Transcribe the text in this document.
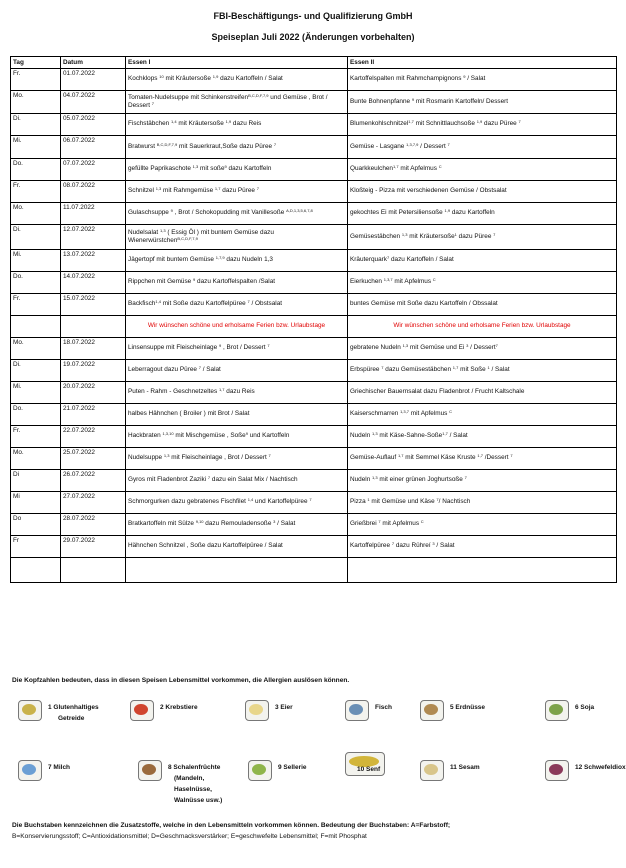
FBI-Beschäftigungs- und Qualifizierung GmbH
Speiseplan Juli 2022 (Änderungen vorbehalten)
Tag	Datum	Essen I	Essen II
Fr.	01.07.2022	Kochklops $^{10}$ mit Kräutersoße $^{1,9}$ dazu Kartoffeln / Salat	Kartoffelspalten mit Rahmchampignons $^9$ / Salat
Mo.	04.07.2022	Tomaten-Nudelsuppe mit Schinkenstreifen$^{B,C,D,F,7,9}$ und Gemüse , Brot / Dessert $^7$	Bunte Bohnenpfanne $^9$ mit Rosmarin Kartoffeln/ Dessert
Di.	05.07.2022	Fischstäbchen $^{1,4}$ mit Kräutersoße $^{1,9}$ dazu Reis	Blumenkohlschnitzel$^{1,7}$ mit Schnittlauchsoße $^{1,9}$ dazu Püree $^7$
Mi.	06.07.2022	Bratwurst $^{B,C,D,F,7,9}$ mit Sauerkraut,Soße dazu Püree $^7$	Gemüse - Lasgane $^{1,3,7,9}$ / Dessert $^7$
Do.	07.07.2022	gefüllte Paprikaschote $^{1,3}$ mit soße$^9$ dazu Kartoffeln	Quarkkeulchen$^{1,7}$ mit Apfelmus $^C$
Fr.	08.07.2022	Schnitzel $^{1,3}$ mit Rahmgemüse $^{1,7}$ dazu Püree $^7$	Kloßteig - Pizza mit verschiedenen Gemüse / Obstsalat
Mo.	11.07.2022	Gulaschsuppe $^9$ , Brot / Schokopudding mit Vanillesoße $^{A,D,1,3,5,6,7,8}$	gekochtes Ei mit Petersiliensoße $^{1,9}$ dazu Kartoffeln
Di.	12.07.2022	Nudelsalat $^{1,3}$ ( Essig Öl ) mit buntem Gemüse dazu Wienerwürstchen$^{B,C,D,F,7,9}$	Gemüsestäbchen $^{1,3}$ mit Kräutersoße$^1$ dazu Püree $^7$
Mi.	13.07.2022	Jägertopf mit buntem Gemüse $^{1,7,9}$ dazu Nudeln 1,3	Kräuterquark$^7$ dazu Kartoffeln / Salat
Do.	14.07.2022	Rippchen mit Gemüse $^9$ dazu Kartoffelspalten /Salat	Eierkuchen $^{1,3,7}$ mit Apfelmus $^C$
Fr.	15.07.2022	Backfisch$^{1,4}$ mit Soße dazu Kartoffelpüree $^7$ / Obstsalat	buntes Gemüse mit Soße dazu Kartoffeln / Obssalat
		Wir wünschen schöne und erholsame Ferien bzw. Urlaubstage	Wir wünschen schöne und erholsame Ferien bzw. Urlaubstage
Mo.	18.07.2022	Linsensuppe mit Fleischeinlage $^9$ , Brot / Dessert $^7$	gebratene Nudeln $^{1,3}$ mit Gemüse und Ei $^3$ / Dessert$^7$
Di.	19.07.2022	Leberragout dazu Püree $^7$ / Salat	Erbspüree $^7$ dazu Gemüsestäbchen $^{1,7}$ mit Soße $^1$ / Salat
Mi.	20.07.2022	Puten - Rahm - Geschnetzeltes $^{1,7}$ dazu Reis	Griechischer Bauernsalat dazu Fladenbrot / Frucht Kaltschale
Do.	21.07.2022	halbes Hähnchen ( Broiler ) mit Brot / Salat	Kaiserschmarren $^{1,3,7}$ mit Apfelmus $^C$
Fr.	22.07.2022	Hackbraten $^{1,3,10}$ mit Mischgemüse , Soße$^9$ und Kartoffeln	Nudeln $^{1,3}$ mit Käse-Sahne-Soße$^{1,7}$ / Salat
Mo.	25.07.2022	Nudelsuppe $^{1,3}$ mit Fleischeinlage , Brot / Dessert $^7$	Gemüse-Auflauf $^{1,7}$ mit Semmel Käse Kruste $^{1,7}$ /Dessert $^7$
Di	26.07.2022	Gyros mit Fladenbrot Zaziki $^7$ dazu ein Salat Mix / Nachtisch	Nudeln $^{1,3}$ mit einer grünen Joghurtsoße $^7$
Mi	27.07.2022	Schmorgurken dazu gebratenes Fischfilet $^{1,4}$ und Kartoffelpüree $^7$	Pizza $^1$ mit Gemüse und Käse $^7$/ Nachtisch
Do	28.07.2022	Bratkartoffeln mit Sülze $^{9,10}$ dazu Remouladensoße $^3$ / Salat	Grießbrei $^7$ mit Apfelmus $^C$
Fr	29.07.2022	Hähnchen Schnitzel , Soße dazu Kartoffelpüree / Salat	Kartoffelpüree $^7$ dazu Rühreí $^3$ / Salat

Die Kopfzahlen bedeuten, dass in diesen Speisen Lebensmittel vorkommen, die Allergien auslösen können.
1 Glutenhaltiges
Getreide
2 Krebstiere	3 Eier	Fisch	5 Erdnüsse	6 Soja
7 Milch	8 Schalenfrüchte
(Mandeln,
Haselnüsse,
Walnüsse usw.)
9 Sellerie	10 Senf	11 Sesam	12 Schwefeldiox
Die Buchstaben kennzeichnen die Zusatzstoffe, welche in den Lebensmitteln vorkommen können. Bedeutung der Buchstaben: A=Farbstoff;
B=Konservierungsstoff; C=Antioxidationsmittel; D=Geschmacksverstärker; E=geschwefelte Lebensmittel; F=mit Phosphat
